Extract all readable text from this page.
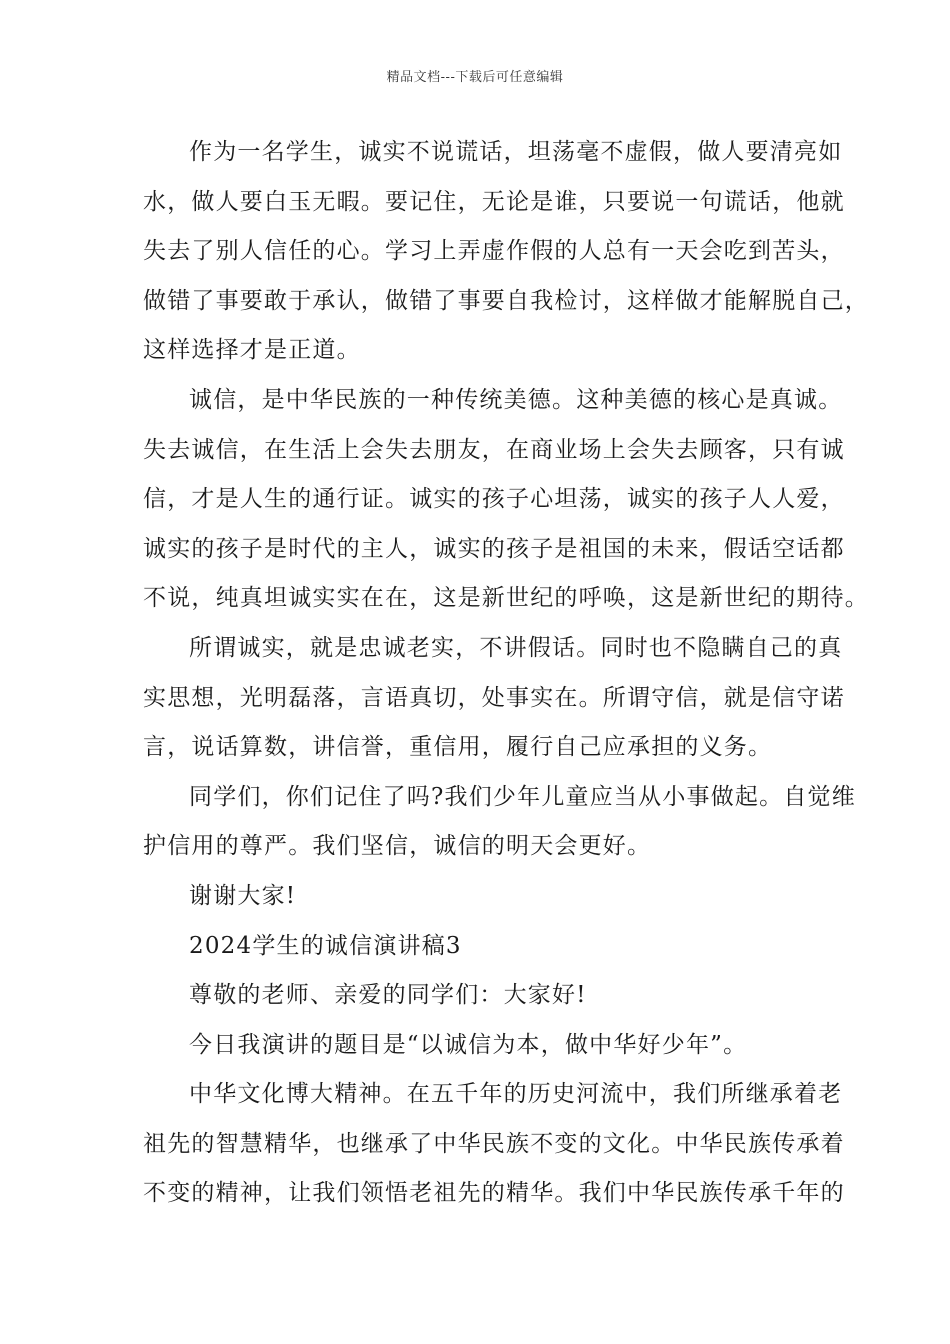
精品文档---下载后可任意编辑
作为一名学生，诚实不说谎话，坦荡毫不虚假，做人要清亮如
水，做人要白玉无暇。要记住，无论是谁，只要说一句谎话，他就
失去了别人信任的心。学习上弄虚作假的人总有一天会吃到苦头，
做错了事要敢于承认，做错了事要自我检讨，这样做才能解脱自己，
这样选择才是正道。
诚信，是中华民族的一种传统美德。这种美德的核心是真诚。
失去诚信，在生活上会失去朋友，在商业场上会失去顾客，只有诚
信，才是人生的通行证。诚实的孩子心坦荡，诚实的孩子人人爱，
诚实的孩子是时代的主人，诚实的孩子是祖国的未来，假话空话都
不说，纯真坦诚实实在在，这是新世纪的呼唤，这是新世纪的期待。
所谓诚实，就是忠诚老实，不讲假话。同时也不隐瞒自己的真
实思想，光明磊落，言语真切，处事实在。所谓守信，就是信守诺
言，说话算数，讲信誉，重信用，履行自己应承担的义务。
同学们，你们记住了吗?我们少年儿童应当从小事做起。自觉维
护信用的尊严。我们坚信，诚信的明天会更好。
谢谢大家!
2024学生的诚信演讲稿3
尊敬的老师、亲爱的同学们：大家好!
今日我演讲的题目是“以诚信为本，做中华好少年”。
中华文化博大精神。在五千年的历史河流中，我们所继承着老
祖先的智慧精华，也继承了中华民族不变的文化。中华民族传承着
不变的精神，让我们领悟老祖先的精华。我们中华民族传承千年的
